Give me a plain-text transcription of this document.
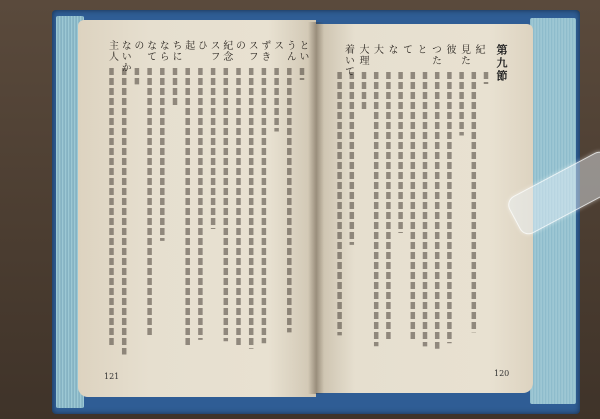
とい
うん
ス
ずき
スフ
の
紀念
スフ
ひ
起
ちに
なら
なて
の
ないか
主人	紀
見た
彼
つた
と
て
な
大
大理
着いて	第九節
121	120
